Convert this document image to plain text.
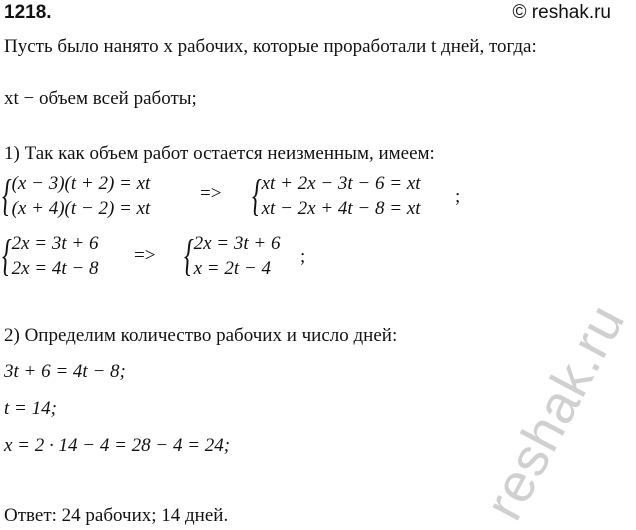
1218.	© reshak.ru
Пусть было нанято x рабочих, которые проработали t дней, тогда:
xt − объем всей работы;
1) Так как объем работ остается неизменным, имеем:
{ (x − 3)(t + 2) = xt
(x + 4)(t − 2) = xt
=> { xt + 2x − 3t − 6 = xt
xt − 2x + 4t − 8 = xt
;
{ 2x = 3t + 6
2x = 4t − 8
=> { 2x = 3t + 6
x = 2t − 4
;
2) Определим количество рабочих и число дней:
3t + 6 = 4t − 8;
t = 14;
x = 2 · 14 − 4 = 28 − 4 = 24;
Ответ: 24 рабочих; 14 дней.	reshak.ru
